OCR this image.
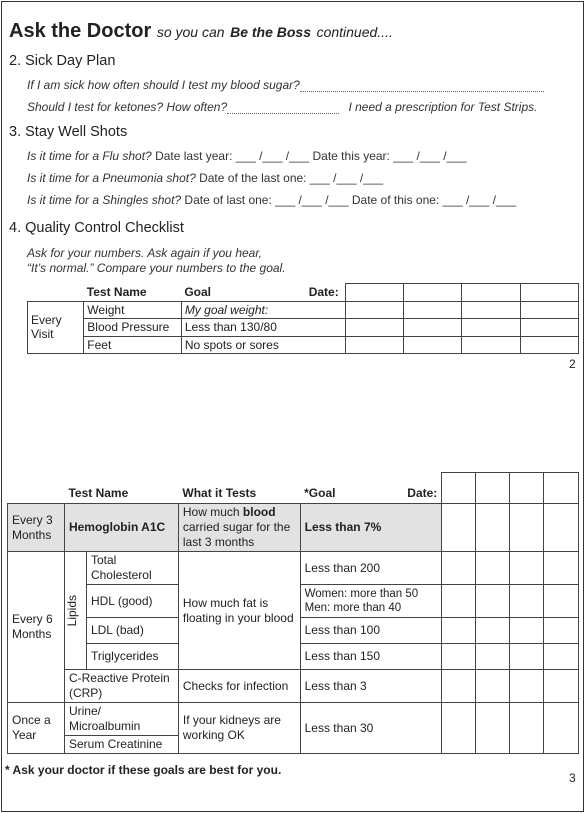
Ask the Doctor so you can Be the Boss continued....
2. Sick Day Plan
If I am sick how often should I test my blood sugar?
Should I test for ketones? How often?	I need a prescription for Test Strips.
3. Stay Well Shots
Is it time for a Flu shot? Date last year: ___ /___ /___ Date this year: ___ /___ /___
Is it time for a Pneumonia shot? Date of the last one: ___ /___ /___
Is it time for a Shingles shot? Date of last one: ___ /___ /___ Date of this one: ___ /___ /___
4. Quality Control Checklist
Ask for your numbers. Ask again if you hear,
“It’s normal.” Compare your numbers to the goal.
	Test Name	Goal Date:				

Every Visit	Weight	My goal weight:				
	Blood Pressure	Less than 130/80				
	Feet	No spots or sores				
2
	Test Name		What it Tests	*Goal Date:				

Every 3 Months	Hemoglobin A1C		How much blood carried sugar for the last 3 months	Less than 7%				
Every 6 Months	Lipids	Total Cholesterol	How much fat is floating in your blood	Less than 200				
		HDL (good)		Women: more than 50
Men: more than 40				
		LDL (bad)		Less than 100				
		Triglycerides		Less than 150				
	C-Reactive Protein (CRP)		Checks for infection	Less than 3				
Once a Year	Urine/ Microalbumin		If your kidneys are working OK	Less than 30				
	Serum Creatinine							
* Ask your doctor if these goals are best for you.
3
